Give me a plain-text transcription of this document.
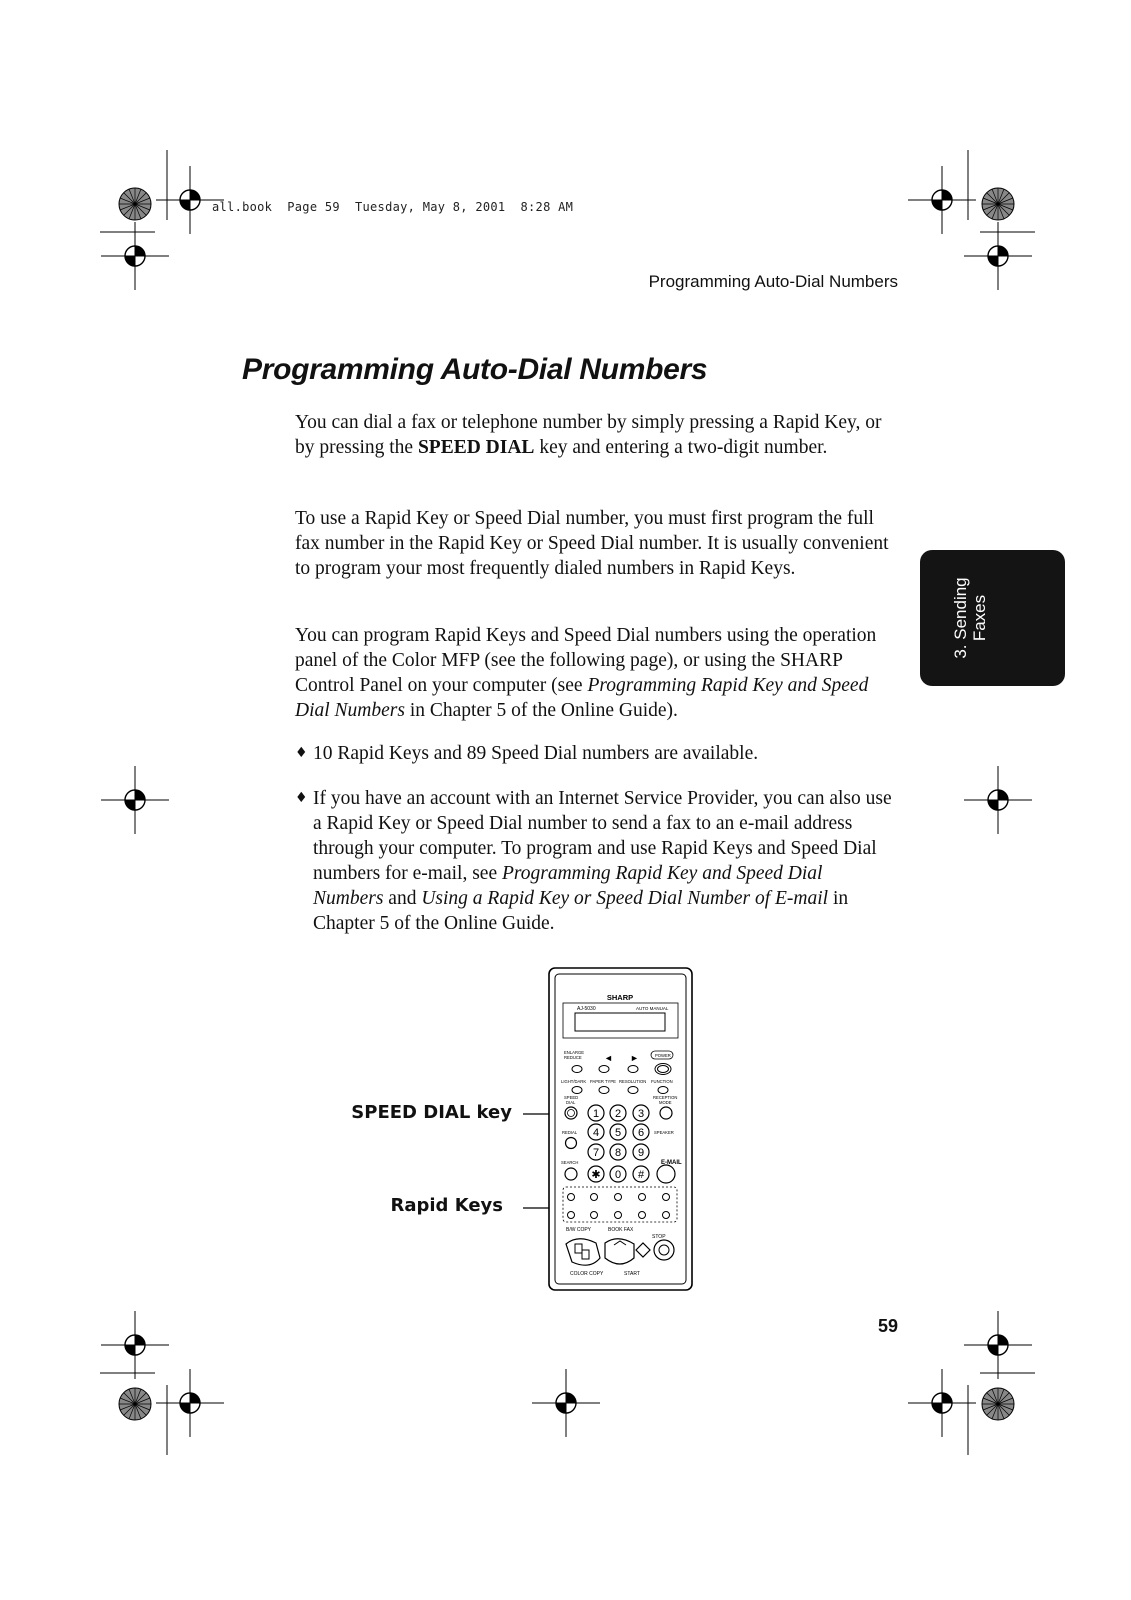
all.book  Page 59  Tuesday, May 8, 2001  8:28 AM
Programming Auto-Dial Numbers
Programming Auto-Dial Numbers

You can dial a fax or telephone number by simply pressing a Rapid Key, or by pressing the SPEED DIAL key and entering a two-digit number.

To use a Rapid Key or Speed Dial number, you must first program the full fax number in the Rapid Key or Speed Dial number. It is usually convenient to program your most frequently dialed numbers in Rapid Keys.

You can program Rapid Keys and Speed Dial numbers using the operation panel of the Color MFP (see the following page), or using the SHARP Control Panel on your computer (see Programming Rapid Key and Speed Dial Numbers in Chapter 5 of the Online Guide).

♦ 10 Rapid Keys and 89 Speed Dial numbers are available.
♦ If you have an account with an Internet Service Provider, you can also use a Rapid Key or Speed Dial number to send a fax to an e-mail address through your computer. To program and use Rapid Keys and Speed Dial numbers for e-mail, see Programming Rapid Key and Speed Dial Numbers and Using a Rapid Key or Speed Dial Number of E-mail in Chapter 5 of the Online Guide.
3. Sending Faxes
SPEED DIAL key
Rapid Keys
SHARP
AJ-5030	AUTO MANUAL
ENLARGE
REDUCE ◄ ►	POWER
LIGHT/DARK PAPER TYPE RESOLUTION FUNCTION
SPEED
DIAL
RECEPTION
MODE
REDIAL	SPEAKER
E-MAIL
SEARCH
1 2 3
4 5 6
7 8 9
✱ 0 #
B/W COPY	BOOK FAX
STOP
COLOR COPY	START
59
